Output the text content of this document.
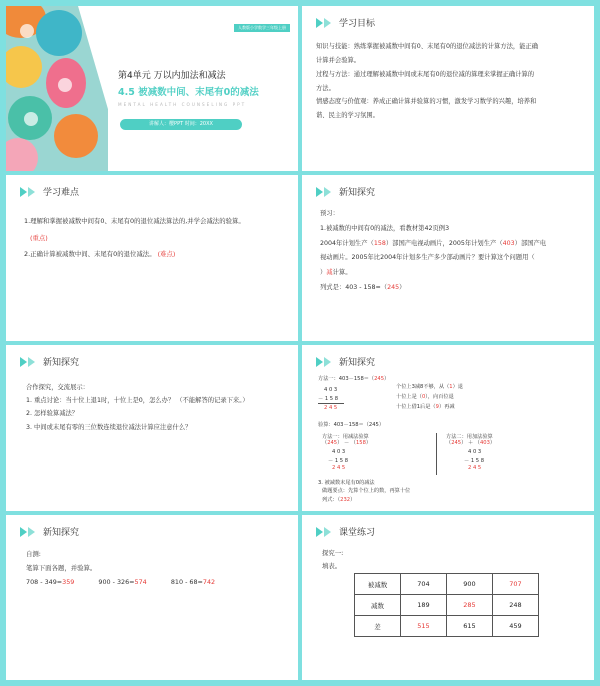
人教版小学数学三年级上册
第4单元 万以内加法和减法
4.5 被减数中间、末尾有0的减法
MENTAL HEALTH COUNSELING PPT
讲解人：樱PPT 时间：20XX
学习目标
知识与技能：熟练掌握被减数中间有0、末尾有0的退位减法的计算方法，能正确
计算并会验算。
过程与方法：通过理解被减数中间或末尾有0的退位减的算理来掌握正确计算的
方法。
情感态度与价值观：养成正确计算并验算的习惯，激发学习数学的兴趣，培养和
谐、民主的学习氛围。
学习难点
1.理解和掌握被减数中间有0、末尾有0的退位减法算法的,并学会减法的验算。
(重点)
2.正确计算被减数中间、末尾有0的退位减法。 (难点)
新知探究
预习：
1.被减数的中间有0的减法，看教材第42页例3
2004年计划生产（158）部国产电视动画片，2005年计划生产（403）部国产电
视动画片。2005年比2004年计划多生产多少部动画片？要计算这个问题用（
）减计算。
列式是：403 - 158=（245）
新知探究
合作探究，交流展示：
1. 重点讨论：当十位上退1时，十位上是0，怎么办？ （不能解答的记录下来。）
2. 怎样验算减法？
3. 中间或末尾有零的三位数连续退位减法计算应注意什么？
新知探究
方法一：403－158＝（245）
4 0 3
－ 1 5 8
2 4 5
个位上3减8不够，从（1）退
十位上是（0），向百位退
十位上借1后是（9）再减
验算：403－158＝（245）
方法一：用减法验算
（245） － （158）
4 0 3
－ 1 5 8
2 4 5
方法二：用加法验算
（245） ＋ （403）
4 0 3
－ 1 5 8
2 4 5
3. 被减数末尾有0的减法
做题要点：先算个位上的数，再算十位
列式：（232）
新知探究
自测:
笔算下面各题，并验算。
708 - 349=359	900 - 326=574	810 - 68=742
课堂练习
探究一:
填表。
被减数	704	900	707
减数	189	285	248
差	515	615	459
